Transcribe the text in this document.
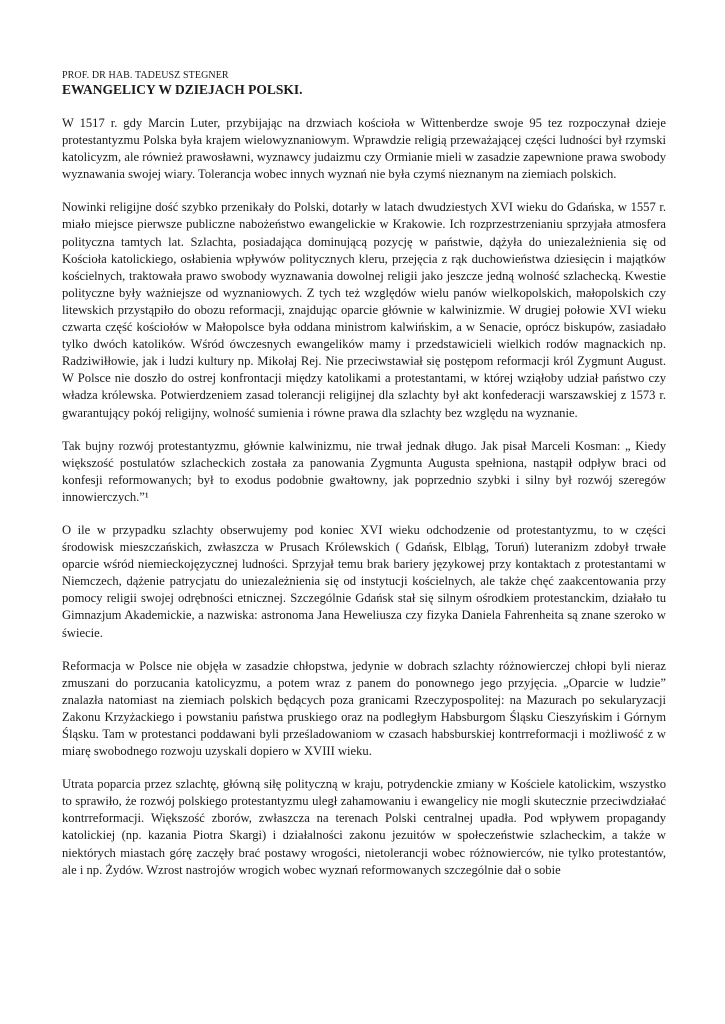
PROF. DR HAB. TADEUSZ STEGNER

EWANGELICY W DZIEJACH POLSKI.

W 1517 r. gdy Marcin Luter, przybijając na drzwiach kościoła w Wittenberdze swoje 95 tez rozpoczynał dzieje protestantyzmu Polska była krajem wielowyznaniowym. Wprawdzie religią przeważającej części ludności był rzymski katolicyzm, ale również prawosławni, wyznawcy judaizmu czy Ormianie mieli w zasadzie zapewnione prawa swobody wyznawania swojej wiary. Tolerancja wobec innych wyznań nie była czymś nieznanym na ziemiach polskich.

Nowinki religijne dość szybko przenikały do Polski, dotarły w latach dwudziestych XVI wieku do Gdańska, w 1557 r. miało miejsce pierwsze publiczne nabożeństwo ewangelickie w Krakowie. Ich rozprzestrzenianiu sprzyjała atmosfera polityczna tamtych lat. Szlachta, posiadająca dominującą pozycję w państwie, dążyła do uniezależnienia się od Kościoła katolickiego, osłabienia wpływów politycznych kleru, przejęcia z rąk duchowieństwa dziesięcin i majątków kościelnych, traktowała prawo swobody wyznawania dowolnej religii jako jeszcze jedną wolność szlachecką. Kwestie polityczne były ważniejsze od wyznaniowych. Z tych też względów wielu panów wielkopolskich, małopolskich czy litewskich przystąpiło do obozu reformacji, znajdując oparcie głównie w kalwinizmie. W drugiej połowie XVI wieku czwarta część kościołów w Małopolsce była oddana ministrom kalwińskim, a w Senacie, oprócz biskupów, zasiadało tylko dwóch katolików. Wśród ówczesnych ewangelików mamy i przedstawicieli wielkich rodów magnackich np. Radziwiłłowie, jak i ludzi kultury np. Mikołaj Rej. Nie przeciwstawiał się postępom reformacji król Zygmunt August. W Polsce nie doszło do ostrej konfrontacji między katolikami a protestantami, w której wziąłoby udział państwo czy władza królewska. Potwierdzeniem zasad tolerancji religijnej dla szlachty był akt konfederacji warszawskiej z 1573 r. gwarantujący pokój religijny, wolność sumienia i równe prawa dla szlachty bez względu na wyznanie.

Tak bujny rozwój protestantyzmu, głównie kalwinizmu, nie trwał jednak długo. Jak pisał Marceli Kosman: „ Kiedy większość postulatów szlacheckich została za panowania Zygmunta Augusta spełniona, nastąpił odpływ braci od konfesji reformowanych; był to exodus podobnie gwałtowny, jak poprzednio szybki i silny był rozwój szeregów innowierczych.”¹

O ile w przypadku szlachty obserwujemy pod koniec XVI wieku odchodzenie od protestantyzmu, to w części środowisk mieszczańskich, zwłaszcza w Prusach Królewskich ( Gdańsk, Elbląg, Toruń) luteranizm zdobył trwałe oparcie wśród niemieckojęzycznej ludności. Sprzyjał temu brak bariery językowej przy kontaktach z protestantami w Niemczech, dążenie patrycjatu do uniezależnienia się od instytucji kościelnych, ale także chęć zaakcentowania przy pomocy religii swojej odrębności etnicznej. Szczególnie Gdańsk stał się silnym ośrodkiem protestanckim, działało tu Gimnazjum Akademickie, a nazwiska: astronoma Jana Heweliusza czy fizyka Daniela Fahrenheita są znane szeroko w świecie.

Reformacja w Polsce nie objęła w zasadzie chłopstwa, jedynie w dobrach szlachty różnowierczej chłopi byli nieraz zmuszani do porzucania katolicyzmu, a potem wraz z panem do ponownego jego przyjęcia. „Oparcie w ludzie” znalazła natomiast na ziemiach polskich będących poza granicami Rzeczypospolitej: na Mazurach po sekularyzacji Zakonu Krzyżackiego i powstaniu państwa pruskiego oraz na podległym Habsburgom Śląsku Cieszyńskim i Górnym Śląsku. Tam w protestanci poddawani byli prześladowaniom w czasach habsburskiej kontrreformacji i możliwość z w miarę swobodnego rozwoju uzyskali dopiero w XVIII wieku.

Utrata poparcia przez szlachtę, główną siłę polityczną w kraju, potrydenckie zmiany w Kościele katolickim, wszystko to sprawiło, że rozwój polskiego protestantyzmu uległ zahamowaniu i ewangelicy nie mogli skutecznie przeciwdziałać kontrreformacji. Większość zborów, zwłaszcza na terenach Polski centralnej upadła. Pod wpływem propagandy katolickiej (np. kazania Piotra Skargi) i działalności zakonu jezuitów w społeczeństwie szlacheckim, a także w niektórych miastach górę zaczęły brać postawy wrogości, nietolerancji wobec różnowierców, nie tylko protestantów, ale i np. Żydów. Wzrost nastrojów wrogich wobec wyznań reformowanych szczególnie dał o sobie
